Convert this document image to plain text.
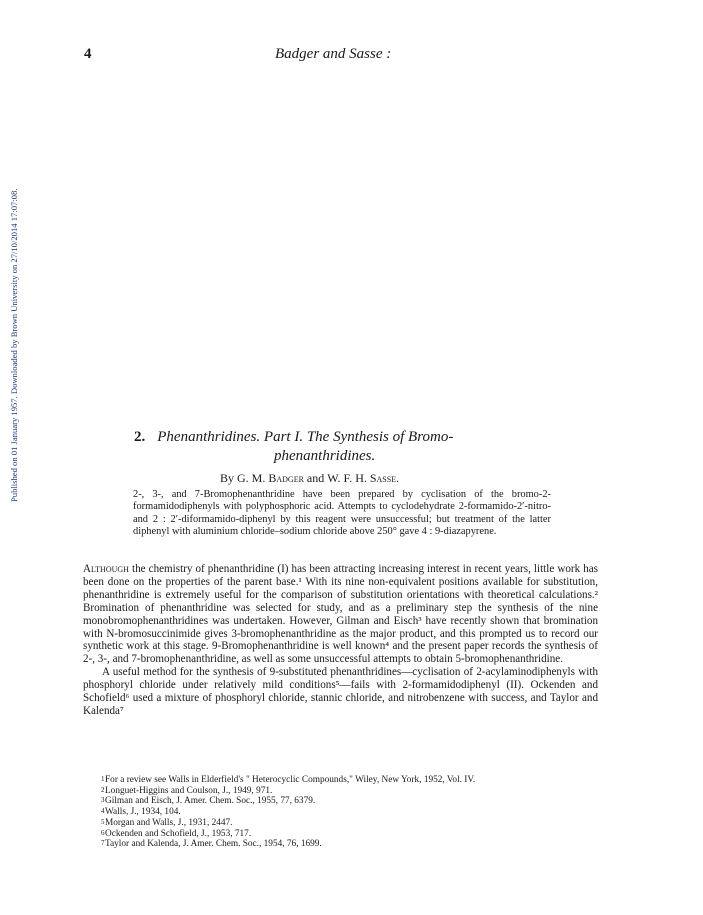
4	Badger and Sasse :
Published on 01 January 1957. Downloaded by Brown University on 27/10/2014 17:07:08.	2. Phenanthridines. Part I. The Synthesis of Bromo-
phenanthridines.
By G. M. Badger and W. F. H. Sasse.
2-, 3-, and 7-Bromophenanthridine have been prepared by cyclisation of the bromo-2-formamidodiphenyls with polyphosphoric acid. Attempts to cyclodehydrate 2-formamido-2′-nitro- and 2 : 2′-diformamido-diphenyl by this reagent were unsuccessful; but treatment of the latter diphenyl with aluminium chloride–sodium chloride above 250° gave 4 : 9-diazapyrene.

Although the chemistry of phenanthridine (I) has been attracting increasing interest in recent years, little work has been done on the properties of the parent base.¹ With its nine non-equivalent positions available for substitution, phenanthridine is extremely useful for the comparison of substitution orientations with theoretical calculations.² Bromination of phenanthridine was selected for study, and as a preliminary step the synthesis of the nine monobromophenanthridines was undertaken. However, Gilman and Eisch³ have recently shown that bromination with N-bromosuccinimide gives 3-bromophenanthridine as the major product, and this prompted us to record our synthetic work at this stage. 9-Bromophenanthridine is well known⁴ and the present paper records the synthesis of 2-, 3-, and 7-bromophenanthridine, as well as some unsuccessful attempts to obtain 5-bromophenanthridine.

A useful method for the synthesis of 9-substituted phenanthridines—cyclisation of 2-acylaminodiphenyls with phosphoryl chloride under relatively mild conditions⁵—fails with 2-formamidodiphenyl (II). Ockenden and Schofield⁶ used a mixture of phosphoryl chloride, stannic chloride, and nitrobenzene with success, and Taylor and Kalenda⁷

1 For a review see Walls in Elderfield's " Heterocyclic Compounds," Wiley, New York, 1952, Vol. IV.
2 Longuet-Higgins and Coulson, J., 1949, 971.
3 Gilman and Eisch, J. Amer. Chem. Soc., 1955, 77, 6379.
4 Walls, J., 1934, 104.
5 Morgan and Walls, J., 1931, 2447.
6 Ockenden and Schofield, J., 1953, 717.
7 Taylor and Kalenda, J. Amer. Chem. Soc., 1954, 76, 1699.
